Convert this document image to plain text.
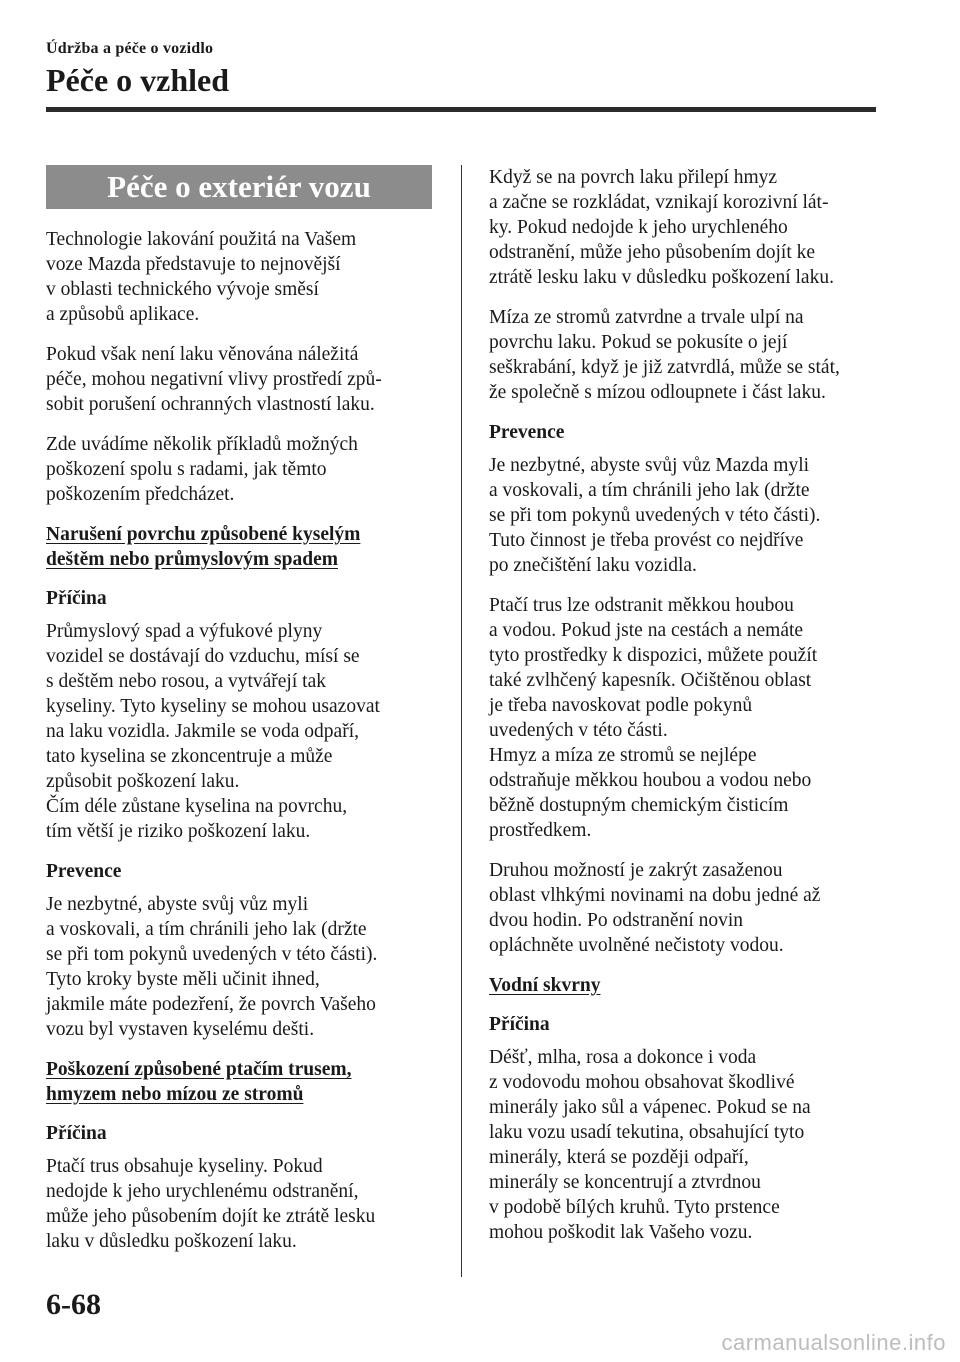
Údržba a péče o vozidlo
Péče o vzhled
Péče o exteriér vozu

Technologie lakování použitá na Vašem
voze Mazda představuje to nejnovější
v oblasti technického vývoje směsí
a způsobů aplikace.

Pokud však není laku věnována náležitá
péče, mohou negativní vlivy prostředí způ-
sobit porušení ochranných vlastností laku.

Zde uvádíme několik příkladů možných
poškození spolu s radami, jak těmto
poškozením předcházet.

Narušení povrchu způsobené kyselým
deštěm nebo průmyslovým spadem

Příčina

Průmyslový spad a výfukové plyny
vozidel se dostávají do vzduchu, mísí se
s deštěm nebo rosou, a vytvářejí tak
kyseliny. Tyto kyseliny se mohou usazovat
na laku vozidla. Jakmile se voda odpaří,
tato kyselina se zkoncentruje a může
způsobit poškození laku.
Čím déle zůstane kyselina na povrchu,
tím větší je riziko poškození laku.

Prevence

Je nezbytné, abyste svůj vůz myli
a voskovali, a tím chránili jeho lak (držte
se při tom pokynů uvedených v této části).
Tyto kroky byste měli učinit ihned,
jakmile máte podezření, že povrch Vašeho
vozu byl vystaven kyselému dešti.

Poškození způsobené ptačím trusem,
hmyzem nebo mízou ze stromů

Příčina

Ptačí trus obsahuje kyseliny. Pokud
nedojde k jeho urychlenému odstranění,
může jeho působením dojít ke ztrátě lesku
laku v důsledku poškození laku.

Když se na povrch laku přilepí hmyz
a začne se rozkládat, vznikají korozivní lát-
ky. Pokud nedojde k jeho urychleného
odstranění, může jeho působením dojít ke
ztrátě lesku laku v důsledku poškození laku.

Míza ze stromů zatvrdne a trvale ulpí na
povrchu laku. Pokud se pokusíte o její
seškrabání, když je již zatvrdlá, může se stát,
že společně s mízou odloupnete i část laku.

Prevence

Je nezbytné, abyste svůj vůz Mazda myli
a voskovali, a tím chránili jeho lak (držte
se při tom pokynů uvedených v této části).
Tuto činnost je třeba provést co nejdříve
po znečištění laku vozidla.

Ptačí trus lze odstranit měkkou houbou
a vodou. Pokud jste na cestách a nemáte
tyto prostředky k dispozici, můžete použít
také zvlhčený kapesník. Očištěnou oblast
je třeba navoskovat podle pokynů
uvedených v této části.
Hmyz a míza ze stromů se nejlépe
odstraňuje měkkou houbou a vodou nebo
běžně dostupným chemickým čisticím
prostředkem.

Druhou možností je zakrýt zasaženou
oblast vlhkými novinami na dobu jedné až
dvou hodin. Po odstranění novin
opláchněte uvolněné nečistoty vodou.

Vodní skvrny

Příčina

Déšť, mlha, rosa a dokonce i voda
z vodovodu mohou obsahovat škodlivé
minerály jako sůl a vápenec. Pokud se na
laku vozu usadí tekutina, obsahující tyto
minerály, která se později odpaří,
minerály se koncentrují a ztvrdnou
v podobě bílých kruhů. Tyto prstence
mohou poškodit lak Vašeho vozu.

6-68
carmanualsonline.info
